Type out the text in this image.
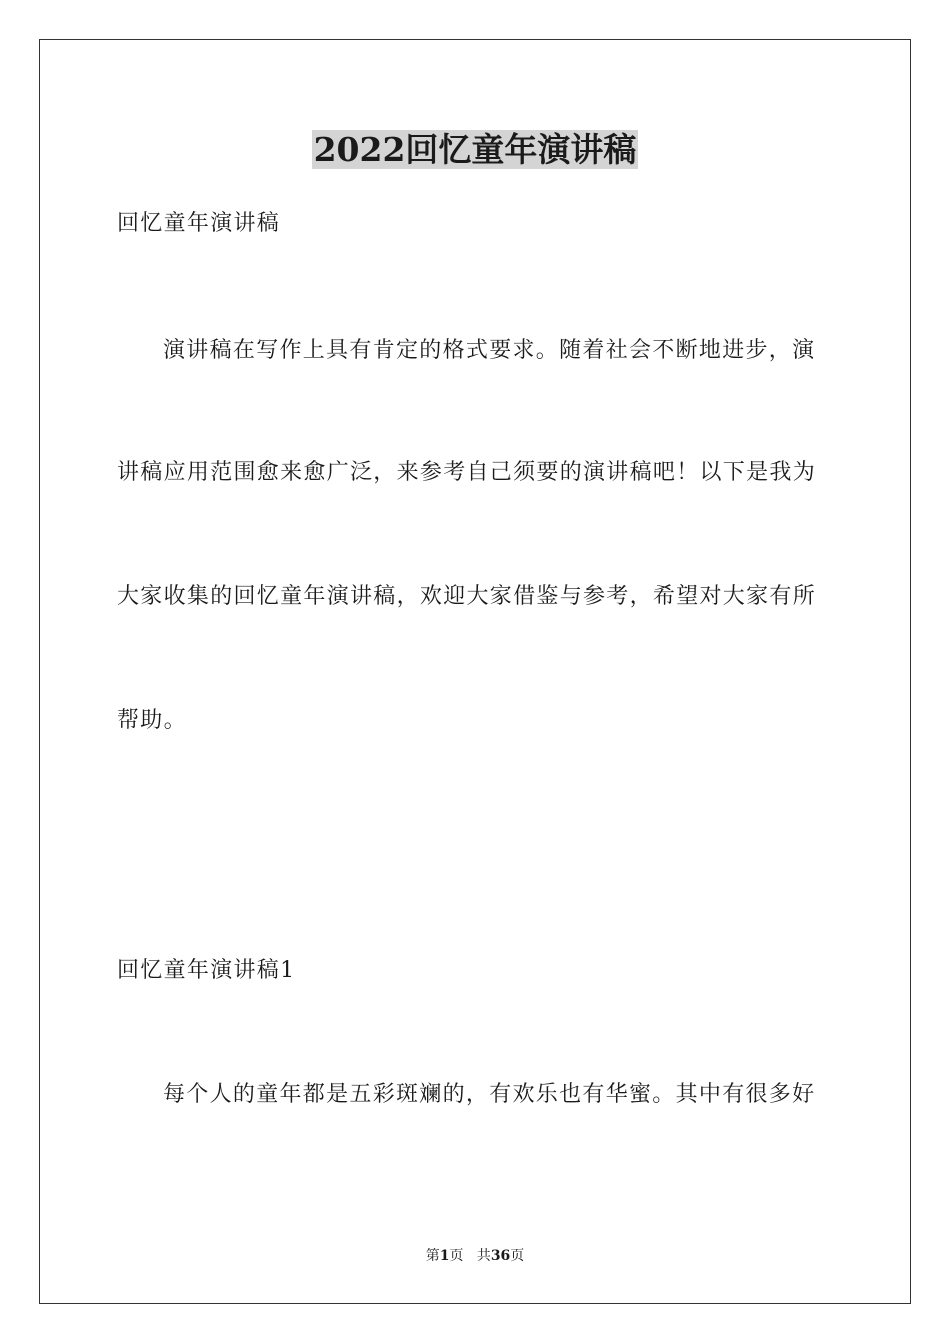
2022回忆童年演讲稿
回忆童年演讲稿
演讲稿在写作上具有肯定的格式要求。随着社会不断地进步，演
讲稿应用范围愈来愈广泛，来参考自己须要的演讲稿吧！以下是我为
大家收集的回忆童年演讲稿，欢迎大家借鉴与参考，希望对大家有所
帮助。
回忆童年演讲稿1
每个人的童年都是五彩斑斓的，有欢乐也有华蜜。其中有很多好
第1页 共36页
